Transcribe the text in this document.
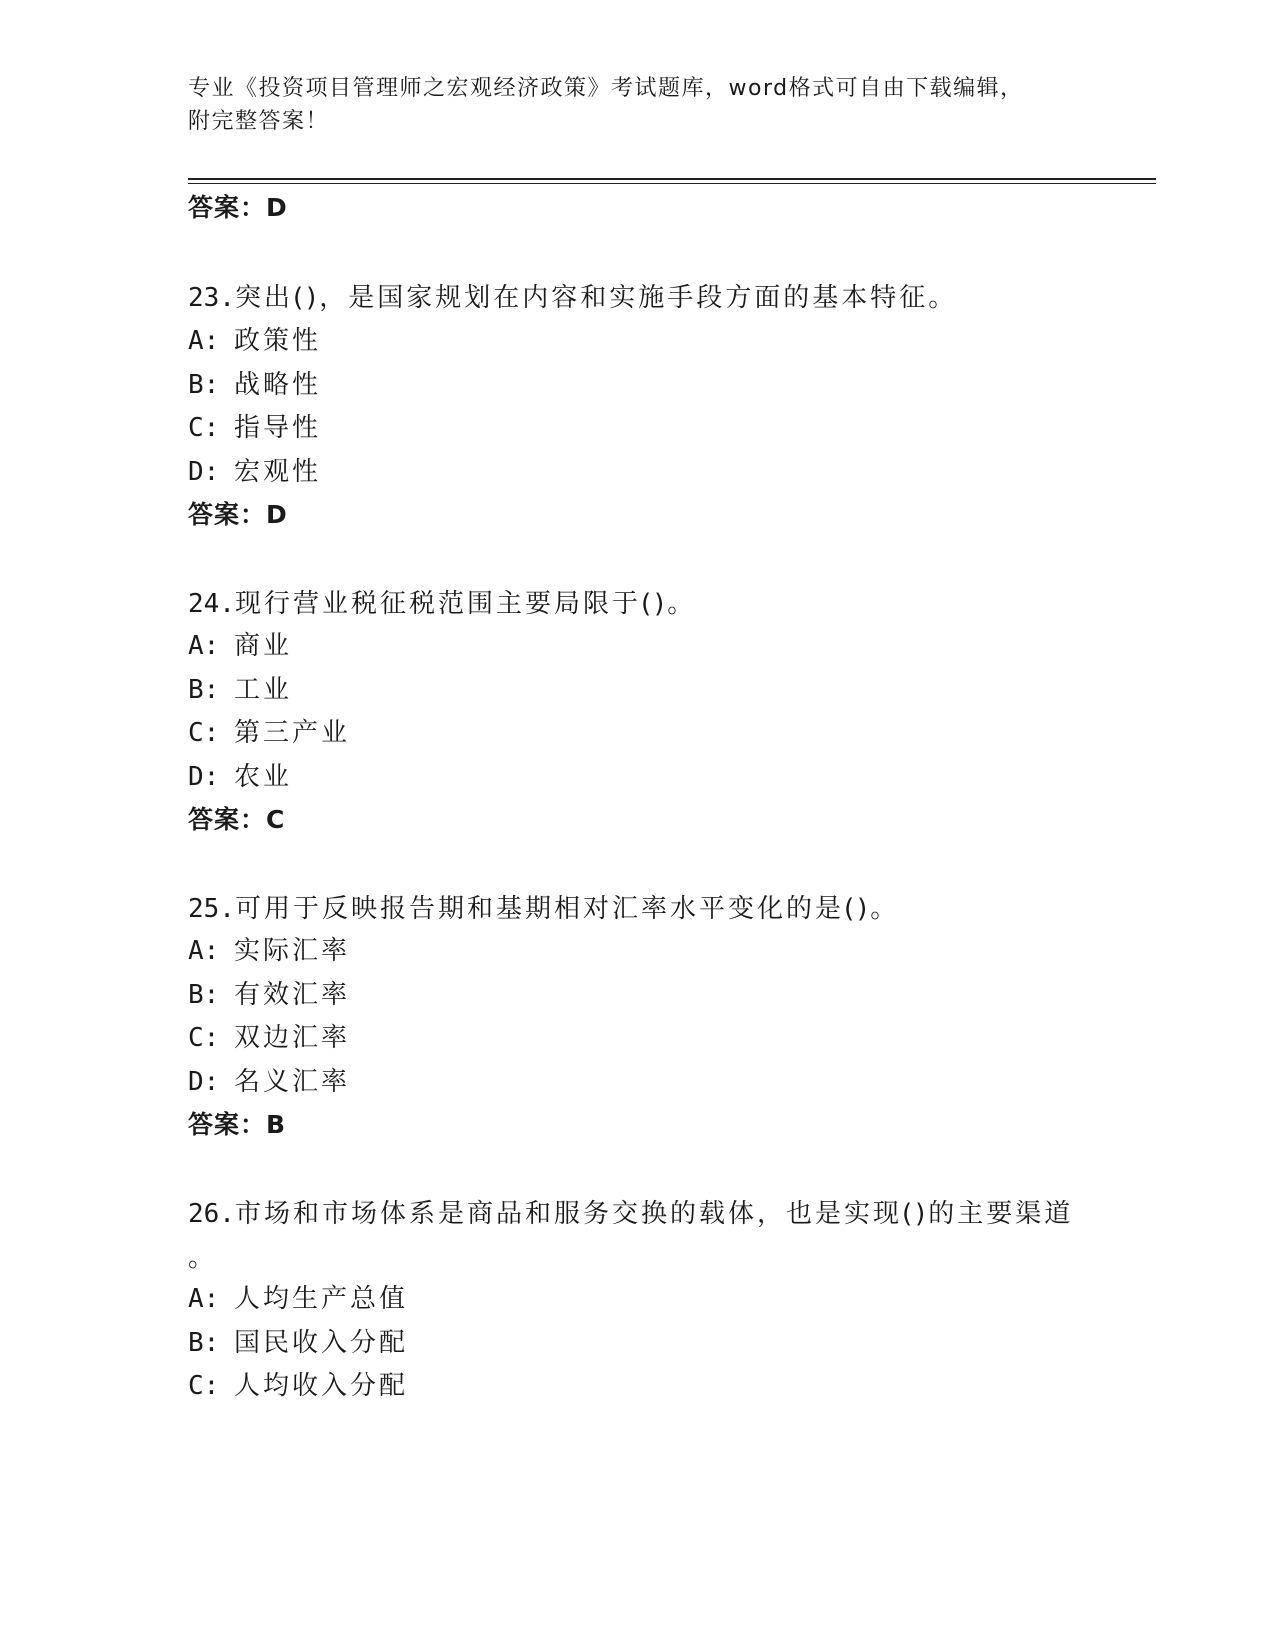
专业《投资项目管理师之宏观经济政策》考试题库，word格式可自由下载编辑，
附完整答案！
答案：D
23.突出()，是国家规划在内容和实施手段方面的基本特征。
A: 政策性
B: 战略性
C: 指导性
D: 宏观性
答案：D
24.现行营业税征税范围主要局限于()。
A: 商业
B: 工业
C: 第三产业
D: 农业
答案：C
25.可用于反映报告期和基期相对汇率水平变化的是()。
A: 实际汇率
B: 有效汇率
C: 双边汇率
D: 名义汇率
答案：B
26.市场和市场体系是商品和服务交换的载体，也是实现()的主要渠道
。
A: 人均生产总值
B: 国民收入分配
C: 人均收入分配
